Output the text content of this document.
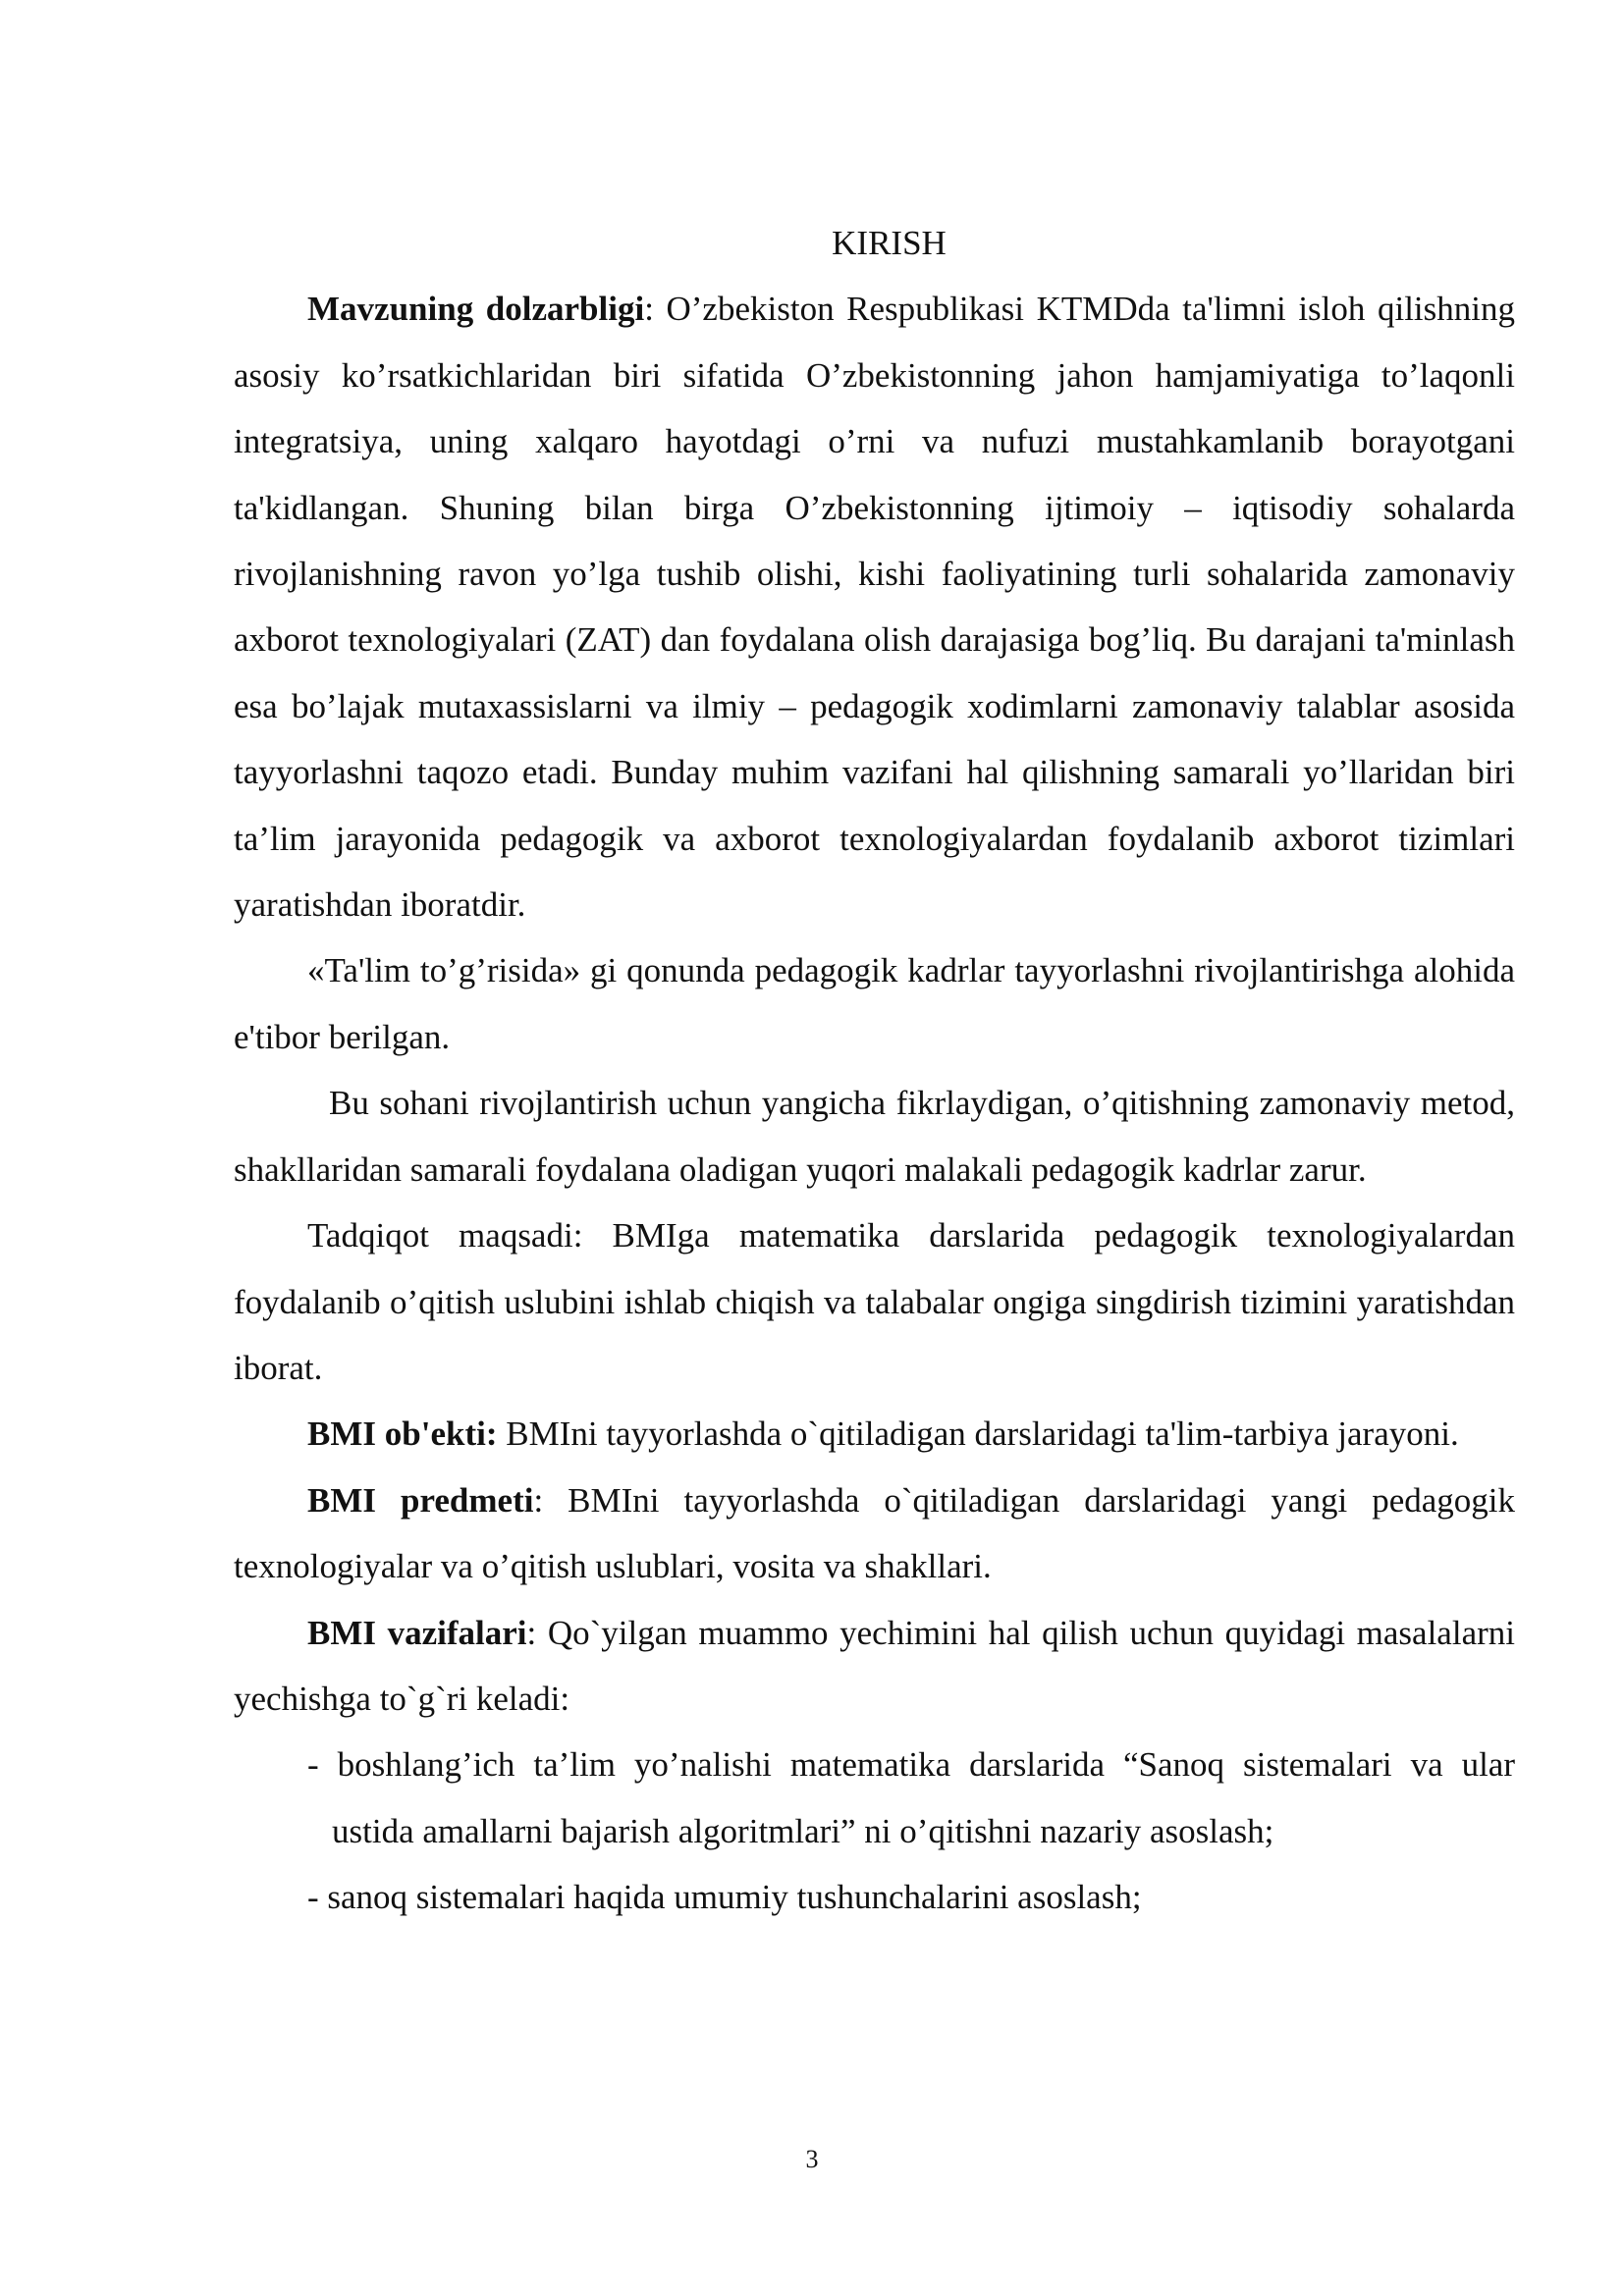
KIRISH

Mavzuning dolzarbligi: O’zbekiston Respublikasi KTMDda ta'limni isloh qilishning asosiy ko’rsatkichlaridan biri sifatida O’zbekistonning jahon hamjamiyatiga to’laqonli integratsiya, uning xalqaro hayotdagi o’rni va nufuzi mustahkamlanib borayotgani ta'kidlangan. Shuning bilan birga O’zbekistonning ijtimoiy – iqtisodiy sohalarda rivojlanishning ravon yo’lga tushib olishi, kishi faoliyatining turli sohalarida zamonaviy axborot texnologiyalari (ZAT) dan foydalana olish darajasiga bog’liq. Bu darajani ta'minlash esa bo’lajak mutaxassislarni va ilmiy – pedagogik xodimlarni zamonaviy talablar asosida tayyorlashni taqozo etadi. Bunday muhim vazifani hal qilishning samarali yo’llaridan biri ta’lim jarayonida pedagogik va axborot texnologiyalardan foydalanib axborot tizimlari yaratishdan iboratdir.

«Ta'lim to’g’risida» gi qonunda pedagogik kadrlar tayyorlashni rivojlantirishga alohida e'tibor berilgan.

Bu sohani rivojlantirish uchun yangicha fikrlaydigan, o’qitishning zamonaviy metod, shakllaridan samarali foydalana oladigan yuqori malakali pedagogik kadrlar zarur.

Tadqiqot maqsadi: BMIga matematika darslarida pedagogik texnologiyalardan foydalanib o’qitish uslubini ishlab chiqish va talabalar ongiga singdirish tizimini yaratishdan iborat.

BMI ob'ekti: BMIni tayyorlashda o`qitiladigan darslaridagi ta'lim-tarbiya jarayoni.

BMI predmeti: BMIni tayyorlashda o`qitiladigan darslaridagi yangi pedagogik texnologiyalar va o’qitish uslublari, vosita va shakllari.

BMI vazifalari: Qo`yilgan muammo yechimini hal qilish uchun quyidagi masalalarni yechishga to`g`ri keladi:

- boshlang’ich ta’lim yo’nalishi matematika darslarida “Sanoq sistemalari va ular ustida amallarni bajarish algoritmlari” ni o’qitishni nazariy asoslash;
- sanoq sistemalari haqida umumiy tushunchalarini asoslash;
3
